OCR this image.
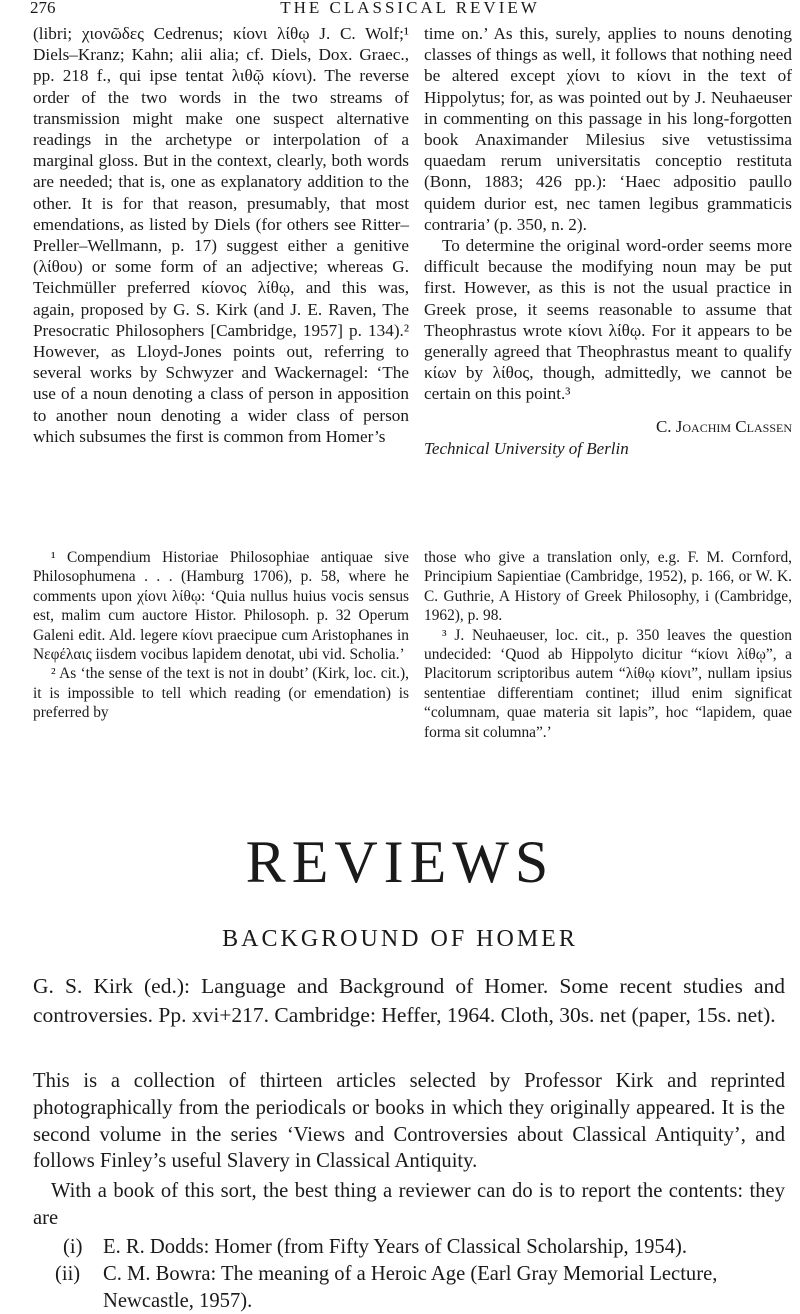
276	THE CLASSICAL REVIEW

(libri; χιονῶδες Cedrenus; κίονι λίθῳ J. C. Wolf;¹ Diels–Kranz; Kahn; alii alia; cf. Diels, Dox. Graec., pp. 218 f., qui ipse tentat λιθῷ κίονι). The reverse order of the two words in the two streams of transmission might make one suspect alternative readings in the archetype or interpolation of a marginal gloss. But in the context, clearly, both words are needed; that is, one as explanatory addition to the other. It is for that reason, presumably, that most emendations, as listed by Diels (for others see Ritter–Preller–Wellmann, p. 17) suggest either a genitive (λίθου) or some form of an adjective; whereas G. Teichmüller preferred κίονος λίθῳ, and this was, again, proposed by G. S. Kirk (and J. E. Raven, The Presocratic Philosophers [Cambridge, 1957] p. 134).² However, as Lloyd-Jones points out, referring to several works by Schwyzer and Wackernagel: ‘The use of a noun denoting a class of person in apposition to another noun denoting a wider class of person which subsumes the first is common from Homer’s

time on.’ As this, surely, applies to nouns denoting classes of things as well, it follows that nothing need be altered except χίονι to κίονι in the text of Hippolytus; for, as was pointed out by J. Neuhaeuser in commenting on this passage in his long-forgotten book Anaximander Milesius sive vetustissima quaedam rerum universitatis conceptio restituta (Bonn, 1883; 426 pp.): ‘Haec adpositio paullo quidem durior est, nec tamen legibus grammaticis contraria’ (p. 350, n. 2).

To determine the original word-order seems more difficult because the modifying noun may be put first. However, as this is not the usual practice in Greek prose, it seems reasonable to assume that Theophrastus wrote κίονι λίθῳ. For it appears to be generally agreed that Theophrastus meant to qualify κίων by λίθος, though, admittedly, we cannot be certain on this point.³

C. Joachim Classen
Technical University of Berlin

¹ Compendium Historiae Philosophiae antiquae sive Philosophumena . . . (Hamburg 1706), p. 58, where he comments upon χίονι λίθῳ: ‘Quia nullus huius vocis sensus est, malim cum auctore Histor. Philosoph. p. 32 Operum Galeni edit. Ald. legere κίονι praecipue cum Aristophanes in Νεφέλαις iisdem vocibus lapidem denotat, ubi vid. Scholia.’

² As ‘the sense of the text is not in doubt’ (Kirk, loc. cit.), it is impossible to tell which reading (or emendation) is preferred by

those who give a translation only, e.g. F. M. Cornford, Principium Sapientiae (Cambridge, 1952), p. 166, or W. K. C. Guthrie, A History of Greek Philosophy, i (Cambridge, 1962), p. 98.

³ J. Neuhaeuser, loc. cit., p. 350 leaves the question undecided: ‘Quod ab Hippolyto dicitur “κίονι λίθῳ”, a Placitorum scriptoribus autem “λίθῳ κίονι”, nullam ipsius sententiae differentiam continet; illud enim significat “columnam, quae materia sit lapis”, hoc “lapidem, quae forma sit columna”.’

REVIEWS
BACKGROUND OF HOMER

G. S. Kirk (ed.): Language and Background of Homer. Some recent studies and controversies. Pp. xvi+217. Cambridge: Heffer, 1964. Cloth, 30s. net (paper, 15s. net).

This is a collection of thirteen articles selected by Professor Kirk and reprinted photographically from the periodicals or books in which they originally appeared. It is the second volume in the series ‘Views and Controversies about Classical Antiquity’, and follows Finley’s useful Slavery in Classical Antiquity.

With a book of this sort, the best thing a reviewer can do is to report the contents: they are

(i) E. R. Dodds: Homer (from Fifty Years of Classical Scholarship, 1954).
(ii) C. M. Bowra: The meaning of a Heroic Age (Earl Gray Memorial Lecture, Newcastle, 1957).
